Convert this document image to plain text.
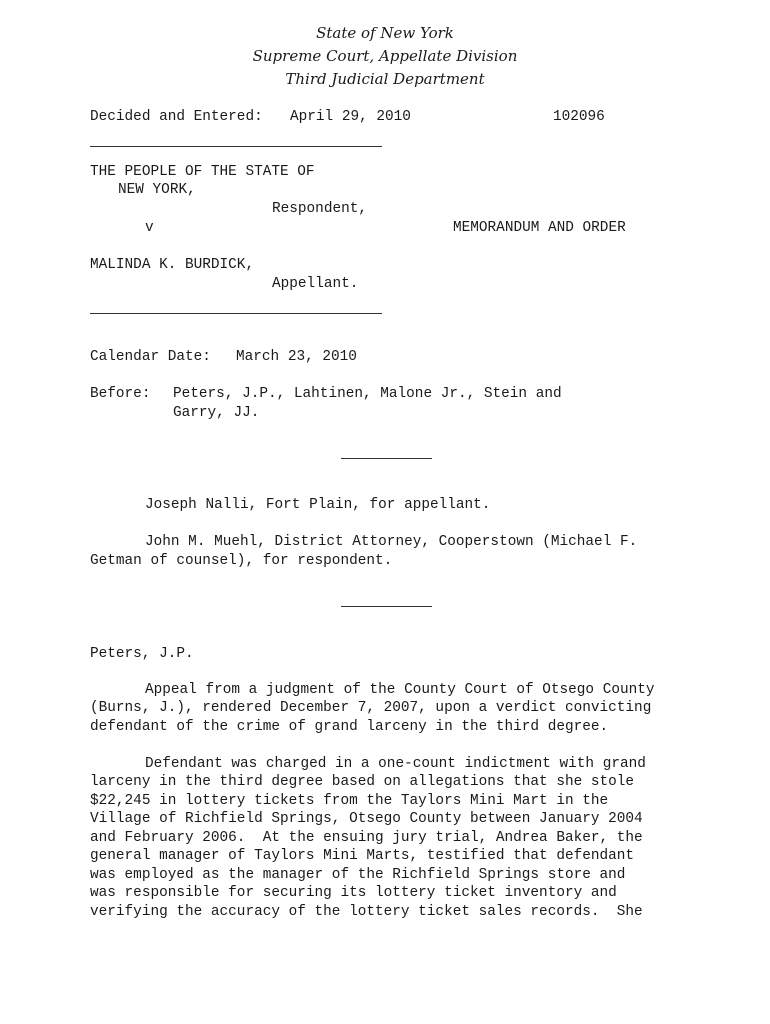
State of New York
Supreme Court, Appellate Division
Third Judicial Department
Decided and Entered: April 29, 2010	102096
THE PEOPLE OF THE STATE OF
NEW YORK,
Respondent,
v	MEMORANDUM AND ORDER
MALINDA K. BURDICK,
Appellant.
Calendar Date: March 23, 2010
Before: Peters, J.P., Lahtinen, Malone Jr., Stein and
Garry, JJ.
Joseph Nalli, Fort Plain, for appellant.
John M. Muehl, District Attorney, Cooperstown (Michael F.
Getman of counsel), for respondent.
Peters, J.P.
Appeal from a judgment of the County Court of Otsego County
(Burns, J.), rendered December 7, 2007, upon a verdict convicting
defendant of the crime of grand larceny in the third degree.
Defendant was charged in a one-count indictment with grand
larceny in the third degree based on allegations that she stole
$22,245 in lottery tickets from the Taylors Mini Mart in the
Village of Richfield Springs, Otsego County between January 2004
and February 2006.  At the ensuing jury trial, Andrea Baker, the
general manager of Taylors Mini Marts, testified that defendant
was employed as the manager of the Richfield Springs store and
was responsible for securing its lottery ticket inventory and
verifying the accuracy of the lottery ticket sales records.  She
